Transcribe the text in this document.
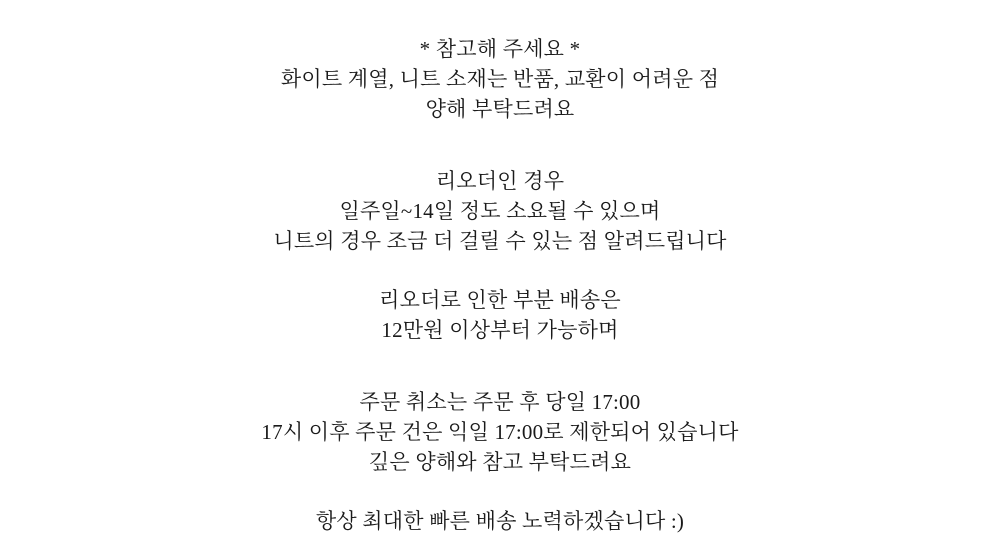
* 참고해 주세요 *
화이트 계열, 니트 소재는 반품, 교환이 어려운 점
양해 부탁드려요
리오더인 경우
일주일~14일 정도 소요될 수 있으며
니트의 경우 조금 더 걸릴 수 있는 점 알려드립니다
리오더로 인한 부분 배송은
12만원 이상부터 가능하며
주문 취소는 주문 후 당일 17:00
17시 이후 주문 건은 익일 17:00로 제한되어 있습니다
깊은 양해와 참고 부탁드려요
항상 최대한 빠른 배송 노력하겠습니다 :)
